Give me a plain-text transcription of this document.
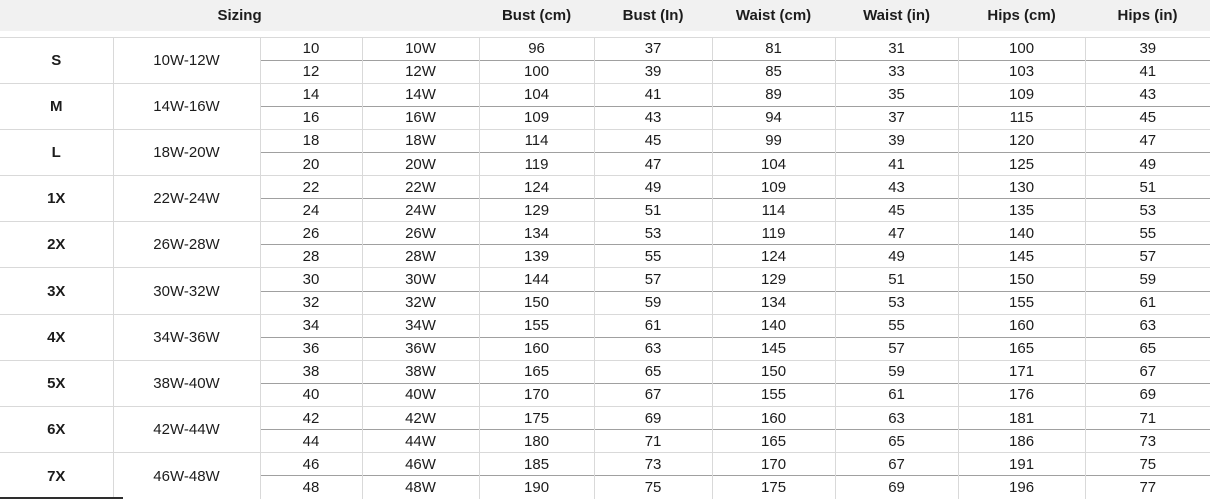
Sizing				Bust (cm)	Bust (In)	Waist (cm)	Waist (in)	Hips (cm)	Hips (in)
S	10W-12W	10	10W	96	37	81	31	100	39
		12	12W	100	39	85	33	103	41
M	14W-16W	14	14W	104	41	89	35	109	43
		16	16W	109	43	94	37	115	45
L	18W-20W	18	18W	114	45	99	39	120	47
		20	20W	119	47	104	41	125	49
1X	22W-24W	22	22W	124	49	109	43	130	51
		24	24W	129	51	114	45	135	53
2X	26W-28W	26	26W	134	53	119	47	140	55
		28	28W	139	55	124	49	145	57
3X	30W-32W	30	30W	144	57	129	51	150	59
		32	32W	150	59	134	53	155	61
4X	34W-36W	34	34W	155	61	140	55	160	63
		36	36W	160	63	145	57	165	65
5X	38W-40W	38	38W	165	65	150	59	171	67
		40	40W	170	67	155	61	176	69
6X	42W-44W	42	42W	175	69	160	63	181	71
		44	44W	180	71	165	65	186	73
7X	46W-48W	46	46W	185	73	170	67	191	75
		48	48W	190	75	175	69	196	77
